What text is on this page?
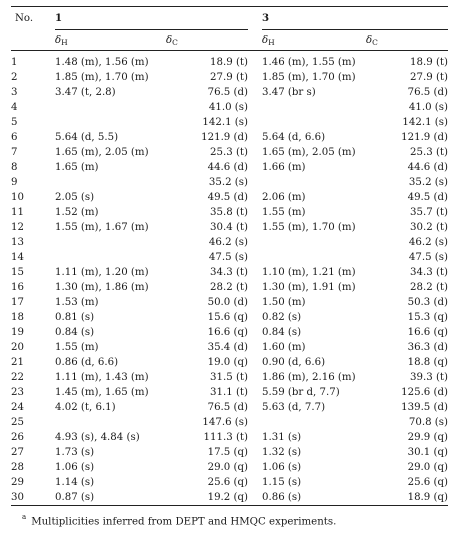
No.	1			3	
	δH	δC		δH	δC
1	1.48 (m), 1.56 (m)	18.9 (t)		1.46 (m), 1.55 (m)	18.9 (t)
2	1.85 (m), 1.70 (m)	27.9 (t)		1.85 (m), 1.70 (m)	27.9 (t)
3	3.47 (t, 2.8)	76.5 (d)		3.47 (br s)	76.5 (d)
4		41.0 (s)			41.0 (s)
5		142.1 (s)			142.1 (s)
6	5.64 (d, 5.5)	121.9 (d)		5.64 (d, 6.6)	121.9 (d)
7	1.65 (m), 2.05 (m)	25.3 (t)		1.65 (m), 2.05 (m)	25.3 (t)
8	1.65 (m)	44.6 (d)		1.66 (m)	44.6 (d)
9		35.2 (s)			35.2 (s)
10	2.05 (s)	49.5 (d)		2.06 (m)	49.5 (d)
11	1.52 (m)	35.8 (t)		1.55 (m)	35.7 (t)
12	1.55 (m), 1.67 (m)	30.4 (t)		1.55 (m), 1.70 (m)	30.2 (t)
13		46.2 (s)			46.2 (s)
14		47.5 (s)			47.5 (s)
15	1.11 (m), 1.20 (m)	34.3 (t)		1.10 (m), 1.21 (m)	34.3 (t)
16	1.30 (m), 1.86 (m)	28.2 (t)		1.30 (m), 1.91 (m)	28.2 (t)
17	1.53 (m)	50.0 (d)		1.50 (m)	50.3 (d)
18	0.81 (s)	15.6 (q)		0.82 (s)	15.3 (q)
19	0.84 (s)	16.6 (q)		0.84 (s)	16.6 (q)
20	1.55 (m)	35.4 (d)		1.60 (m)	36.3 (d)
21	0.86 (d, 6.6)	19.0 (q)		0.90 (d, 6.6)	18.8 (q)
22	1.11 (m), 1.43 (m)	31.5 (t)		1.86 (m), 2.16 (m)	39.3 (t)
23	1.45 (m), 1.65 (m)	31.1 (t)		5.59 (br d, 7.7)	125.6 (d)
24	4.02 (t, 6.1)	76.5 (d)		5.63 (d, 7.7)	139.5 (d)
25		147.6 (s)			70.8 (s)
26	4.93 (s), 4.84 (s)	111.3 (t)		1.31 (s)	29.9 (q)
27	1.73 (s)	17.5 (q)		1.32 (s)	30.1 (q)
28	1.06 (s)	29.0 (q)		1.06 (s)	29.0 (q)
29	1.14 (s)	25.6 (q)		1.15 (s)	25.6 (q)
30	0.87 (s)	19.2 (q)		0.86 (s)	18.9 (q)
$^a$ Multiplicities inferred from DEPT and HMQC experiments.
